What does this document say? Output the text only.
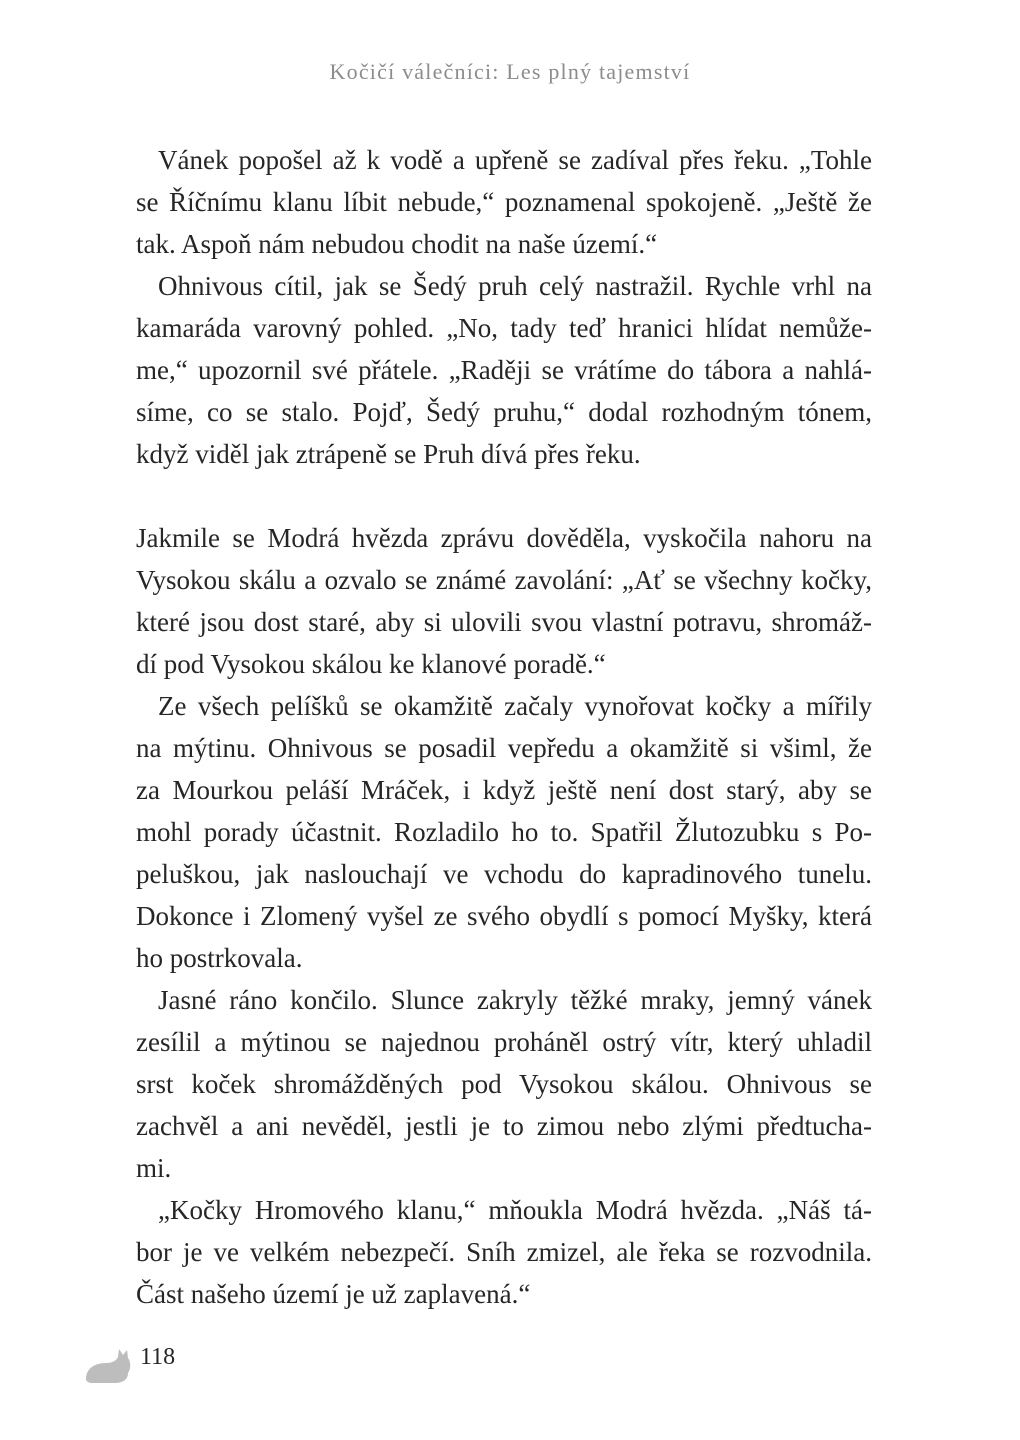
Kočičí válečníci: Les plný tajemství
Vánek popošel až k vodě a upřeně se zadíval přes řeku. „Tohle
se Říčnímu klanu líbit nebude,“ poznamenal spokojeně. „Ještě že
tak. Aspoň nám nebudou chodit na naše území.“
Ohnivous cítil, jak se Šedý pruh celý nastražil. Rychle vrhl na
kamaráda varovný pohled. „No, tady teď hranici hlídat nemůže-
me,“ upozornil své přátele. „Raději se vrátíme do tábora a nahlá-
síme, co se stalo. Pojď, Šedý pruhu,“ dodal rozhodným tónem,
když viděl jak ztrápeně se Pruh dívá přes řeku.
Jakmile se Modrá hvězda zprávu dověděla, vyskočila nahoru na
Vysokou skálu a ozvalo se známé zavolání: „Ať se všechny kočky,
které jsou dost staré, aby si ulovili svou vlastní potravu, shromáž-
dí pod Vysokou skálou ke klanové poradě.“
Ze všech pelíšků se okamžitě začaly vynořovat kočky a mířily
na mýtinu. Ohnivous se posadil vepředu a okamžitě si všiml, že
za Mourkou peláší Mráček, i když ještě není dost starý, aby se
mohl porady účastnit. Rozladilo ho to. Spatřil Žlutozubku s Po-
peluškou, jak naslouchají ve vchodu do kapradinového tunelu.
Dokonce i Zlomený vyšel ze svého obydlí s pomocí Myšky, která
ho postrkovala.
Jasné ráno končilo. Slunce zakryly těžké mraky, jemný vánek
zesílil a mýtinou se najednou proháněl ostrý vítr, který uhladil
srst koček shromážděných pod Vysokou skálou. Ohnivous se
zachvěl a ani nevěděl, jestli je to zimou nebo zlými předtucha-
mi.
„Kočky Hromového klanu,“ mňoukla Modrá hvězda. „Náš tá-
bor je ve velkém nebezpečí. Sníh zmizel, ale řeka se rozvodnila.
Část našeho území je už zaplavená.“
118
